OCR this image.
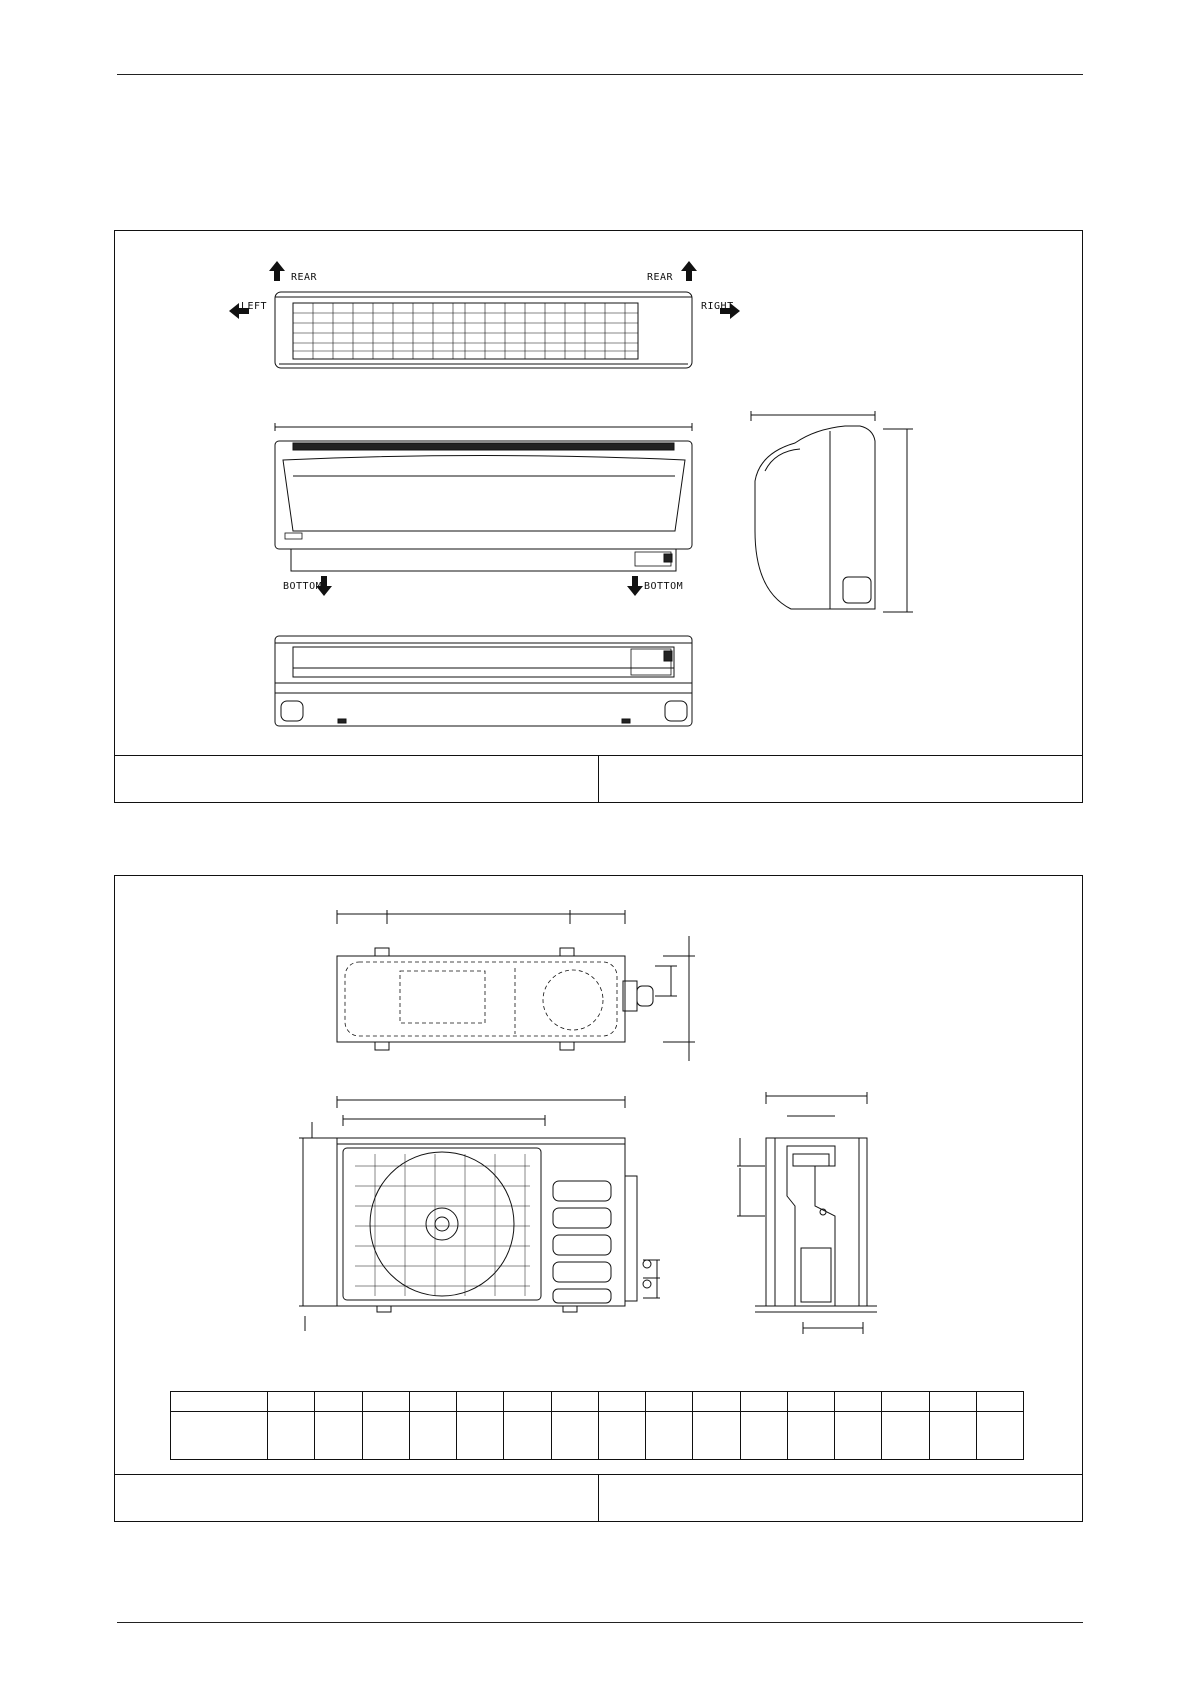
REAR	REAR
LEFT	RIGHT
BOTTOM	BOTTOM
